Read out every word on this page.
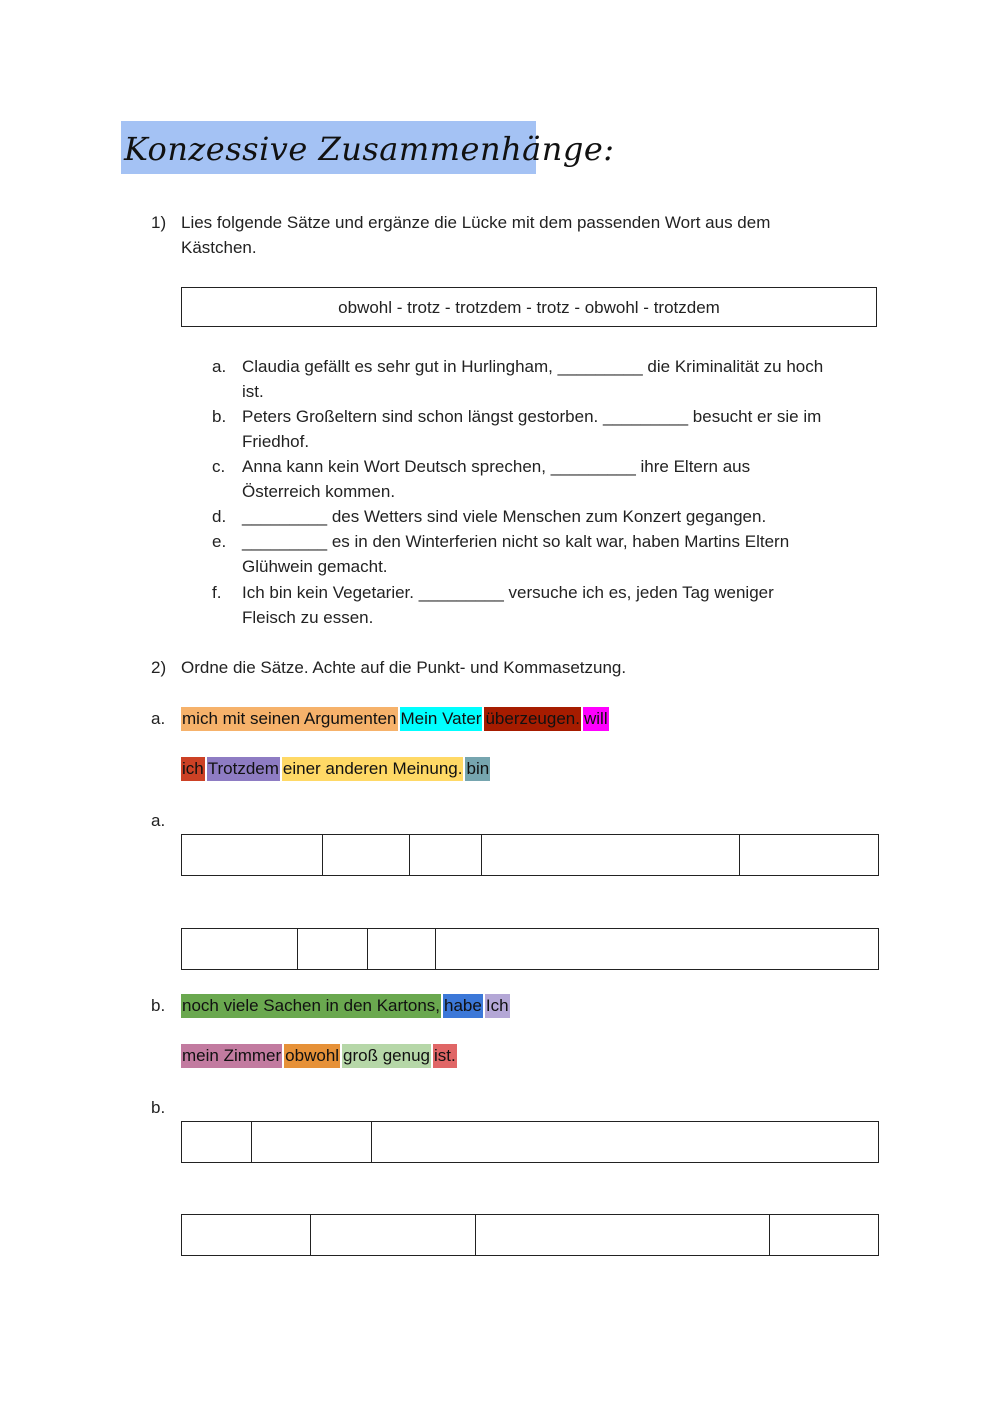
Konzessive Zusammenhänge:
1) Lies folgende Sätze und ergänze die Lücke mit dem passenden Wort aus dem
Kästchen.
obwohl - trotz - trotzdem - trotz - obwohl - trotzdem
a. Claudia gefällt es sehr gut in Hurlingham, _________ die Kriminalität zu hoch
ist.
b. Peters Großeltern sind schon längst gestorben. _________ besucht er sie im
Friedhof.
c. Anna kann kein Wort Deutsch sprechen, _________ ihre Eltern aus
Österreich kommen.
d. _________ des Wetters sind viele Menschen zum Konzert gegangen.
e. _________ es in den Winterferien nicht so kalt war, haben Martins Eltern
Glühwein gemacht.
f. Ich bin kein Vegetarier. _________ versuche ich es, jeden Tag weniger
Fleisch zu essen.
2) Ordne die Sätze. Achte auf die Punkt- und Kommasetzung.
a. mich mit seinen Argumenten Mein Vater überzeugen. will
ich Trotzdem einer anderen Meinung. bin
a.
b. noch viele Sachen in den Kartons, habe Ich
mein Zimmer obwohl groß genug ist.
b.
